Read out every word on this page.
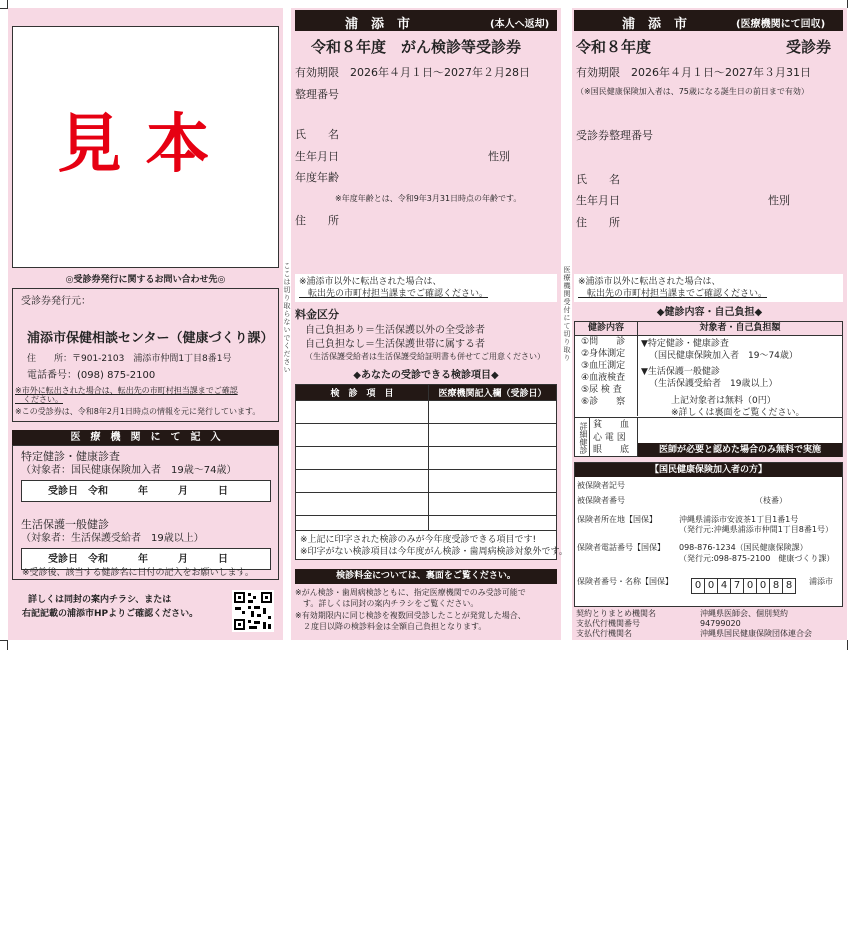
見本
◎受診券発行に関するお問い合わせ先◎
受診券発行元：
浦添市保健相談センター（健康づくり課）
住　　所：〒901-2103　浦添市仲間1丁目8番1号
電話番号：(098) 875-2100
※市外に転出された場合は、転出先の市町村担当課までご確認
　ください。
※この受診券は、令和8年2月1日時点の情報を元に発行しています。
医　療　機　関　に　て　記　入
特定健診・健康診査
（対象者：国民健康保険加入者　19歳〜74歳）
受診日　令和　　　年　　　月　　　日
生活保護一般健診
（対象者：生活保護受給者　19歳以上）
受診日　令和　　　年　　　月　　　日
※受診後、該当する健診名に日付の記入をお願いします。
詳しくは同封の案内チラシ、または
右記記載の浦添市HPよりご確認ください。
ここは切り取らないでください
浦　添　市	(本人へ返却)
令和８年度　がん検診等受診券
有効期限　2026年４月１日〜2027年２月28日
整理番号
氏　　名
生年月日	性別
年度年齢
※年度年齢とは、令和9年3月31日時点の年齢です。
住　　所
※浦添市以外に転出された場合は、
　転出先の市町村担当課までご確認ください。
料金区分
自己負担あり＝生活保護以外の全受診者
自己負担なし＝生活保護世帯に属する者
（生活保護受給者は生活保護受給証明書も併せてご用意ください）
◆あなたの受診できる検診項目◆
検　診　項　目	医療機関記入欄（受診日）

※上記に印字された検診のみが今年度受診できる項目です!
※印字がない検診項目は今年度がん検診・歯周病検診対象外です。
検診料金については、裏面をご覧ください。
※がん検診・歯周病検診ともに、指定医療機関でのみ受診可能で
　す。詳しくは同封の案内チラシをご覧ください。
※有効期限内に同じ検診を複数回受診したことが発覚した場合、
　２度目以降の検診料金は全額自己負担となります。
医療機関受付にて切り取り
浦　添　市	(医療機関にて回収)
令和８年度	受診券
有効期限　2026年４月１日〜2027年３月31日
（※国民健康保険加入者は、75歳になる誕生日の前日まで有効）
受診券整理番号
氏　　名
生年月日	性別
住　　所
※浦添市以外に転出された場合は、
　転出先の市町村担当課までご確認ください。
◆健診内容・自己負担◆
健診内容	対象者・自己負担額
①問　　診
②身体測定
③血圧測定
④血液検査
⑤尿 検 査
⑥診　　察
▼特定健診・健康診査
（国民健康保険加入者　19〜74歳）
▼生活保護一般健診
（生活保護受給者　19歳以上）
上記対象者は無料（0円）
※詳しくは裏面をご覧ください。
詳細健診 貧　　血
心 電 図
眼　　底	医師が必要と認めた場合のみ無料で実施
【国民健康保険加入者の方】
被保険者記号
被保険者番号	（枝番）
保険者所在地【国保】	沖縄県浦添市安波茶1丁目1番1号
（発行元:沖縄県浦添市仲間1丁目8番1号）
保険者電話番号【国保】 098-876-1234（国民健康保険課）
（発行元:098-875-2100　健康づくり課）
保険者番号・名称【国保】	0 0 4 7 0 0 8 8	浦添市
契約とりまとめ機関名	沖縄県医師会、個別契約
支払代行機関番号	94799020
支払代行機関名	沖縄県国民健康保険団体連合会
